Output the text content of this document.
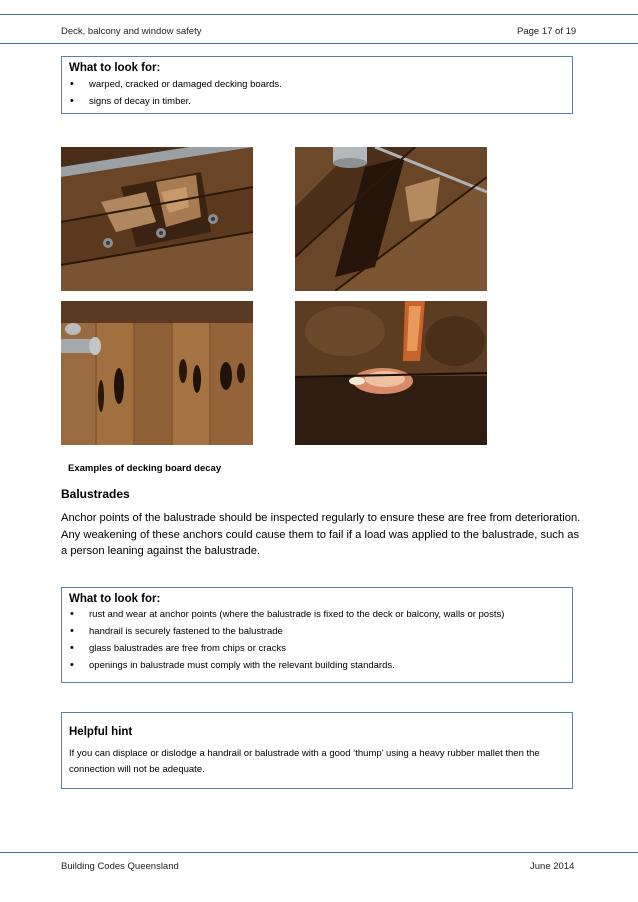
Deck, balcony and window safety	Page 17 of 19
What to look for:
• warped, cracked or damaged decking boards.
• signs of decay in timber.
Examples of decking board decay
Balustrades

Anchor points of the balustrade should be inspected regularly to ensure these are free from deterioration. Any weakening of these anchors could cause them to fail if a load was applied to the balustrade, such as a person leaning against the balustrade.

What to look for:
• rust and wear at anchor points (where the balustrade is fixed to the deck or balcony, walls or posts)
• handrail is securely fastened to the balustrade
• glass balustrades are free from chips or cracks
• openings in balustrade must comply with the relevant building standards.
Helpful hint

If you can displace or dislodge a handrail or balustrade with a good ‘thump’ using a heavy rubber mallet then the connection will not be adequate.

Building Codes Queensland	June 2014
